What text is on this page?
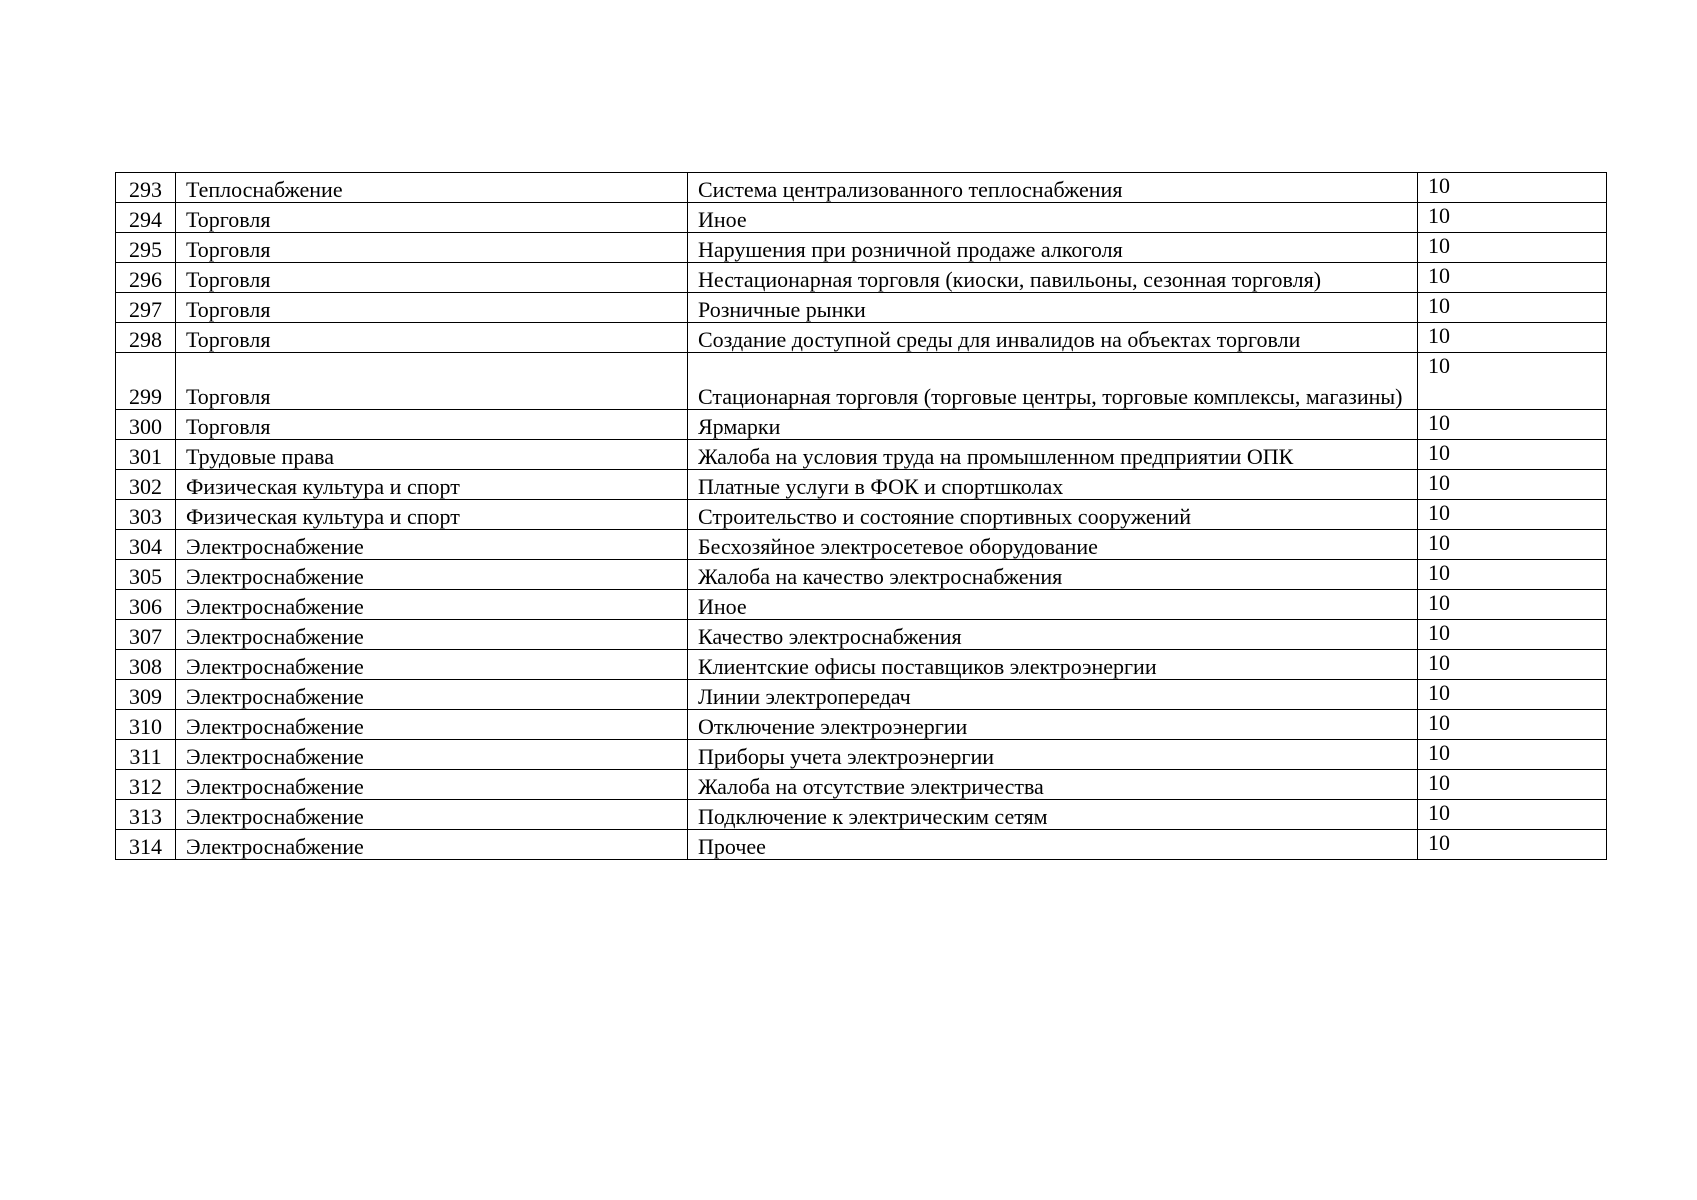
293	Теплоснабжение	Система централизованного теплоснабжения	10
294	Торговля	Иное	10
295	Торговля	Нарушения при розничной продаже алкоголя	10
296	Торговля	Нестационарная торговля (киоски, павильоны, сезонная торговля)	10
297	Торговля	Розничные рынки	10
298	Торговля	Создание доступной среды для инвалидов на объектах торговли	10
299	Торговля	Стационарная торговля (торговые центры, торговые комплексы, магазины)	10
300	Торговля	Ярмарки	10
301	Трудовые права	Жалоба на условия труда на промышленном предприятии ОПК	10
302	Физическая культура и спорт	Платные услуги в ФОК и спортшколах	10
303	Физическая культура и спорт	Строительство и состояние спортивных сооружений	10
304	Электроснабжение	Бесхозяйное электросетевое оборудование	10
305	Электроснабжение	Жалоба на качество электроснабжения	10
306	Электроснабжение	Иное	10
307	Электроснабжение	Качество электроснабжения	10
308	Электроснабжение	Клиентские офисы поставщиков электроэнергии	10
309	Электроснабжение	Линии электропередач	10
310	Электроснабжение	Отключение электроэнергии	10
311	Электроснабжение	Приборы учета электроэнергии	10
312	Электроснабжение	Жалоба на отсутствие электричества	10
313	Электроснабжение	Подключение к электрическим сетям	10
314	Электроснабжение	Прочее	10
